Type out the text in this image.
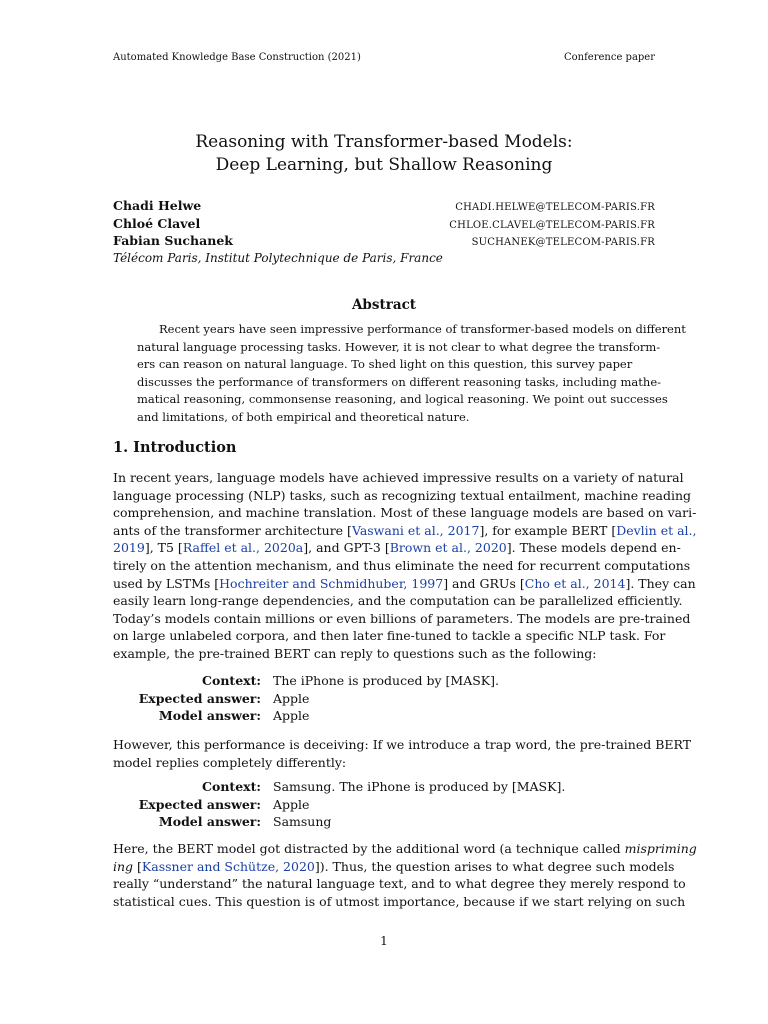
Automated Knowledge Base Construction (2021)	Conference paper
Reasoning with Transformer-based Models:
Deep Learning, but Shallow Reasoning
Chadi Helwe	CHADI.HELWE@TELECOM-PARIS.FR
Chloé Clavel	CHLOE.CLAVEL@TELECOM-PARIS.FR
Fabian Suchanek	SUCHANEK@TELECOM-PARIS.FR
Télécom Paris, Institut Polytechnique de Paris, France
Abstract
Recent years have seen impressive performance of transformer-based models on different
natural language processing tasks. However, it is not clear to what degree the transform-
ers can reason on natural language. To shed light on this question, this survey paper
discusses the performance of transformers on different reasoning tasks, including mathe-
matical reasoning, commonsense reasoning, and logical reasoning. We point out successes
and limitations, of both empirical and theoretical nature.
1. Introduction
In recent years, language models have achieved impressive results on a variety of natural
language processing (NLP) tasks, such as recognizing textual entailment, machine reading
comprehension, and machine translation. Most of these language models are based on vari-
ants of the transformer architecture [Vaswani et al., 2017], for example BERT [Devlin et al.,
2019], T5 [Raffel et al., 2020a], and GPT-3 [Brown et al., 2020]. These models depend en-
tirely on the attention mechanism, and thus eliminate the need for recurrent computations
used by LSTMs [Hochreiter and Schmidhuber, 1997] and GRUs [Cho et al., 2014]. They can
easily learn long-range dependencies, and the computation can be parallelized efficiently.
Today’s models contain millions or even billions of parameters. The models are pre-trained
on large unlabeled corpora, and then later fine-tuned to tackle a specific NLP task. For
example, the pre-trained BERT can reply to questions such as the following:
Context: The iPhone is produced by [MASK].
Expected answer: Apple
Model answer: Apple
However, this performance is deceiving: If we introduce a trap word, the pre-trained BERT
model replies completely differently:
Context: Samsung. The iPhone is produced by [MASK].
Expected answer: Apple
Model answer: Samsung
Here, the BERT model got distracted by the additional word (a technique called mispriming
ing [Kassner and Schütze, 2020]). Thus, the question arises to what degree such models
really “understand” the natural language text, and to what degree they merely respond to
statistical cues. This question is of utmost importance, because if we start relying on such
1
